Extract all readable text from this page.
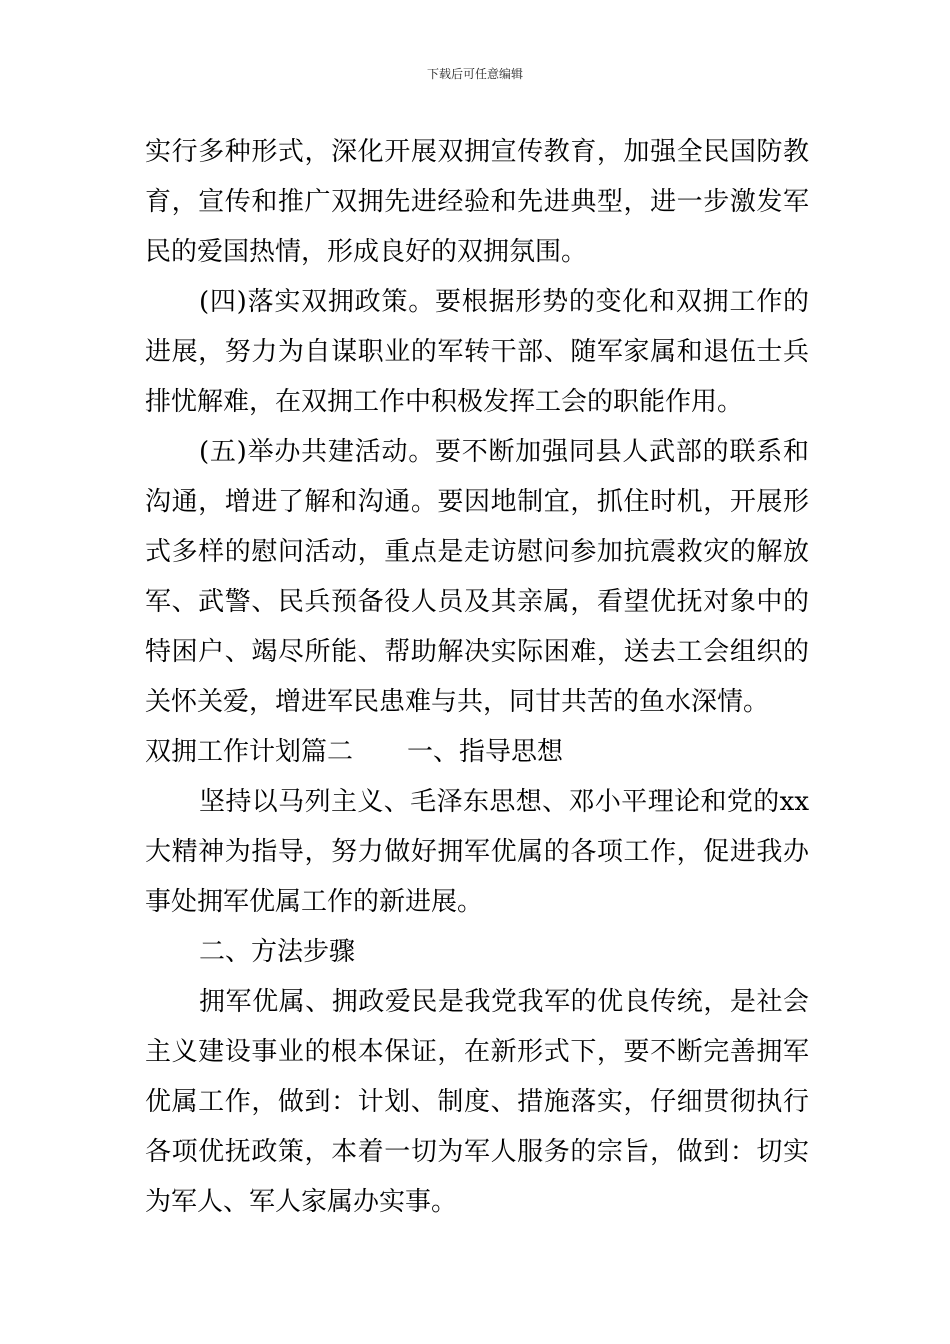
下载后可任意编辑
实行多种形式，深化开展双拥宣传教育，加强全民国防教
育，宣传和推广双拥先进经验和先进典型，进一步激发军
民的爱国热情，形成良好的双拥氛围。
(四)落实双拥政策。要根据形势的变化和双拥工作的
进展，努力为自谋职业的军转干部、随军家属和退伍士兵
排忧解难，在双拥工作中积极发挥工会的职能作用。
(五)举办共建活动。要不断加强同县人武部的联系和
沟通，增进了解和沟通。要因地制宜，抓住时机，开展形
式多样的慰问活动，重点是走访慰问参加抗震救灾的解放
军、武警、民兵预备役人员及其亲属，看望优抚对象中的
特困户、竭尽所能、帮助解决实际困难，送去工会组织的
关怀关爱，增进军民患难与共，同甘共苦的鱼水深情。
双拥工作计划篇二 一、指导思想
坚持以马列主义、毛泽东思想、邓小平理论和党的xx
大精神为指导，努力做好拥军优属的各项工作，促进我办
事处拥军优属工作的新进展。
二、方法步骤
拥军优属、拥政爱民是我党我军的优良传统，是社会
主义建设事业的根本保证，在新形式下，要不断完善拥军
优属工作，做到：计划、制度、措施落实，仔细贯彻执行
各项优抚政策，本着一切为军人服务的宗旨，做到：切实
为军人、军人家属办实事。
